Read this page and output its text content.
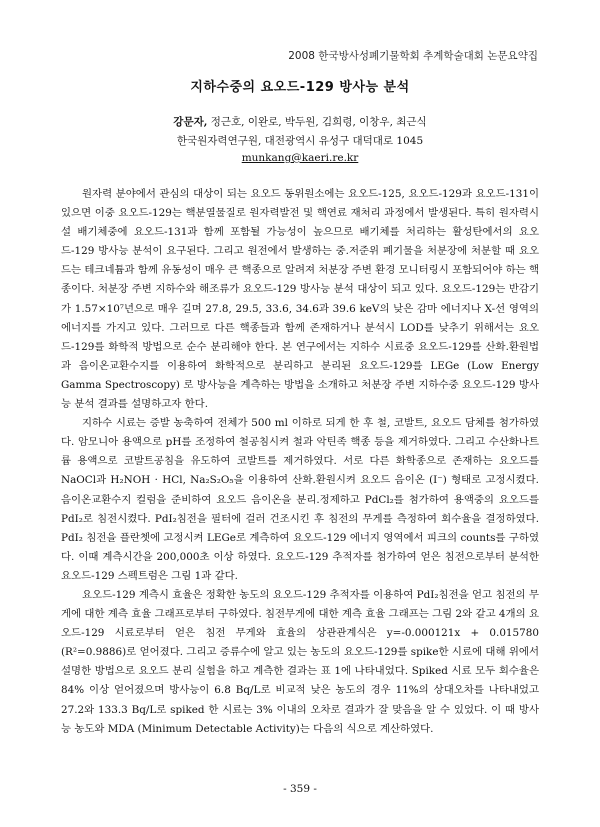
2008 한국방사성폐기물학회 추계학술대회 논문요약집
지하수중의 요오드-129 방사능 분석
강문자, 정근호, 이완로, 박두원, 김희령, 이창우, 최근식
한국원자력연구원, 대전광역시 유성구 대덕대로 1045
munkang@kaeri.re.kr

원자력 분야에서 관심의 대상이 되는 요오드 동위원소에는 요오드-125, 요오드-129과 요오드-131이 있으면 이중 요오드-129는 핵분열물질로 원자력발전 및 핵연료 재처리 과정에서 발생된다. 특히 원자력시설 배기체중에 요오드-131과 함께 포함될 가능성이 높으므로 배기체를 처리하는 활성탄에서의 요오드-129 방사능 분석이 요구된다. 그리고 원전에서 발생하는 중.저준위 폐기물을 처분장에 처분할 때 요오드는 테크네튬과 함께 유동성이 매우 큰 핵종으로 알려져 처분장 주변 환경 모니터링시 포함되어야 하는 핵종이다. 처분장 주변 지하수와 해조류가 요오드-129 방사능 분석 대상이 되고 있다. 요오드-129는 반감기가 1.57×10⁷년으로 매우 길며 27.8, 29.5, 33.6, 34.6과 39.6 keV의 낮은 감마 에너지나 X-선 영역의 에너지를 가지고 있다. 그러므로 다른 핵종들과 함께 존재하거나 분석시 LOD를 낮추기 위해서는 요오드-129를 화학적 방법으로 순수 분리해야 한다. 본 연구에서는 지하수 시료중 요오드-129를 산화.환원법과 음이온교환수지를 이용하여 화학적으로 분리하고 분리된 요오드-129를 LEGe (Low Energy Gamma Spectroscopy) 로 방사능을 계측하는 방법을 소개하고 처분장 주변 지하수중 요오드-129 방사능 분석 결과를 설명하고자 한다.

지하수 시료는 증발 농축하여 전체가 500 ml 이하로 되게 한 후 철, 코발트, 요오드 담체를 첨가하였다. 암모니아 용액으로 pH를 조정하여 철공침시켜 철과 악틴족 핵종 등을 제거하였다. 그리고 수산화나트륨 용액으로 코발트공침을 유도하여 코발트를 제거하였다. 서로 다른 화학종으로 존재하는 요오드를 NaOCl과 H₂NOH · HCl, Na₂S₂O₅을 이용하여 산화.환원시켜 요오드 음이온 (I⁻) 형태로 고정시켰다. 음이온교환수지 컬럼을 준비하여 요오드 음이온을 분리.정제하고 PdCl₂를 첨가하여 용액중의 요오드를 PdI₂로 침전시켰다. PdI₂침전을 필터에 걸러 건조시킨 후 침전의 무게를 측정하여 회수율을 결정하였다. PdI₂ 침전을 플란쳇에 고정시켜 LEGe로 계측하여 요오드-129 에너지 영역에서 피크의 counts를 구하였다. 이때 계측시간을 200,000초 이상 하였다. 요오드-129 추적자를 첨가하여 얻은 침전으로부터 분석한 요오드-129 스펙트럼은 그림 1과 같다.

요오드-129 계측시 효율은 정확한 농도의 요오드-129 추적자를 이용하여 PdI₂침전을 얻고 침전의 무게에 대한 계측 효율 그래프로부터 구하였다. 침전무게에 대한 계측 효율 그래프는 그림 2와 같고 4개의 요오드-129 시료로부터 얻은 침전 무게와 효율의 상관관계식은 y=-0.000121x + 0.015780 (R²=0.9886)로 얻어졌다. 그리고 증류수에 알고 있는 농도의 요오드-129를 spike한 시료에 대해 위에서 설명한 방법으로 요오드 분리 실험을 하고 계측한 결과는 표 1에 나타내었다. Spiked 시료 모두 회수율은 84% 이상 얻어졌으며 방사능이 6.8 Bq/L로 비교적 낮은 농도의 경우 11%의 상대오차를 나타내었고 27.2와 133.3 Bq/L로 spiked 한 시료는 3% 이내의 오차로 결과가 잘 맞음을 알 수 있었다. 이 때 방사능 농도와 MDA (Minimum Detectable Activity)는 다음의 식으로 계산하였다.

- 359 -
